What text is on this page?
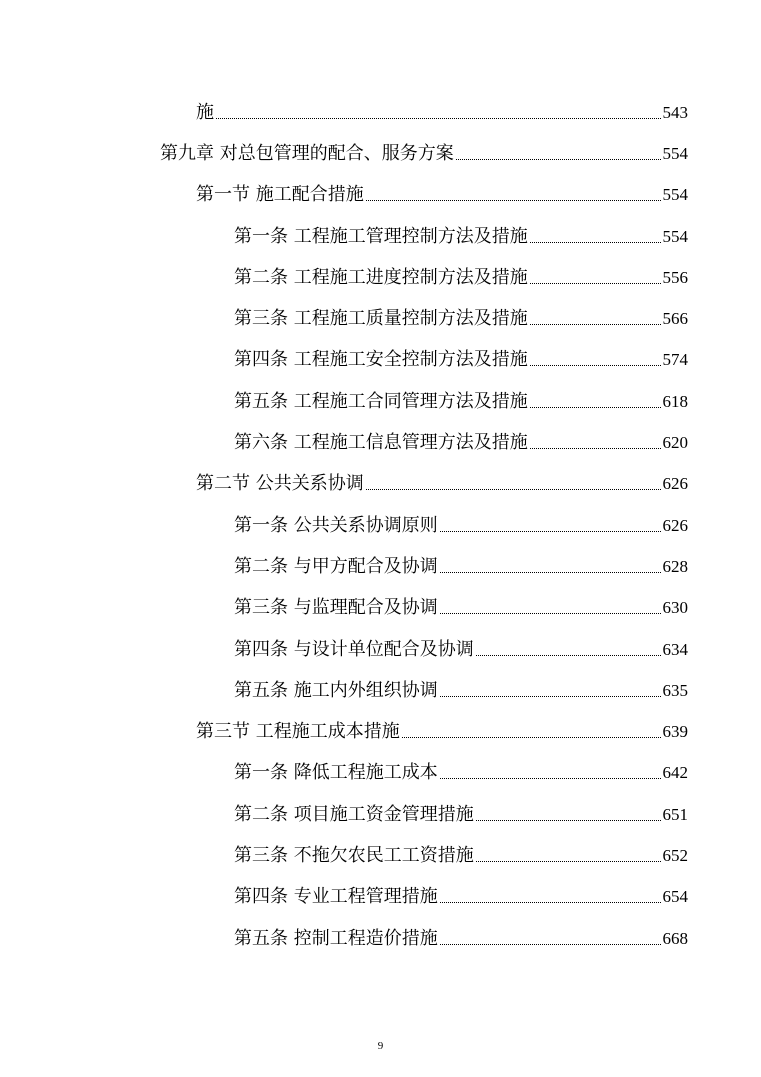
施	543
第九章 对总包管理的配合、服务方案	554
第一节 施工配合措施	554
第一条 工程施工管理控制方法及措施	554
第二条 工程施工进度控制方法及措施	556
第三条 工程施工质量控制方法及措施	566
第四条 工程施工安全控制方法及措施	574
第五条 工程施工合同管理方法及措施	618
第六条 工程施工信息管理方法及措施	620
第二节 公共关系协调	626
第一条 公共关系协调原则	626
第二条 与甲方配合及协调	628
第三条 与监理配合及协调	630
第四条 与设计单位配合及协调	634
第五条 施工内外组织协调	635
第三节 工程施工成本措施	639
第一条 降低工程施工成本	642
第二条 项目施工资金管理措施	651
第三条 不拖欠农民工工资措施	652
第四条 专业工程管理措施	654
第五条 控制工程造价措施	668
9
